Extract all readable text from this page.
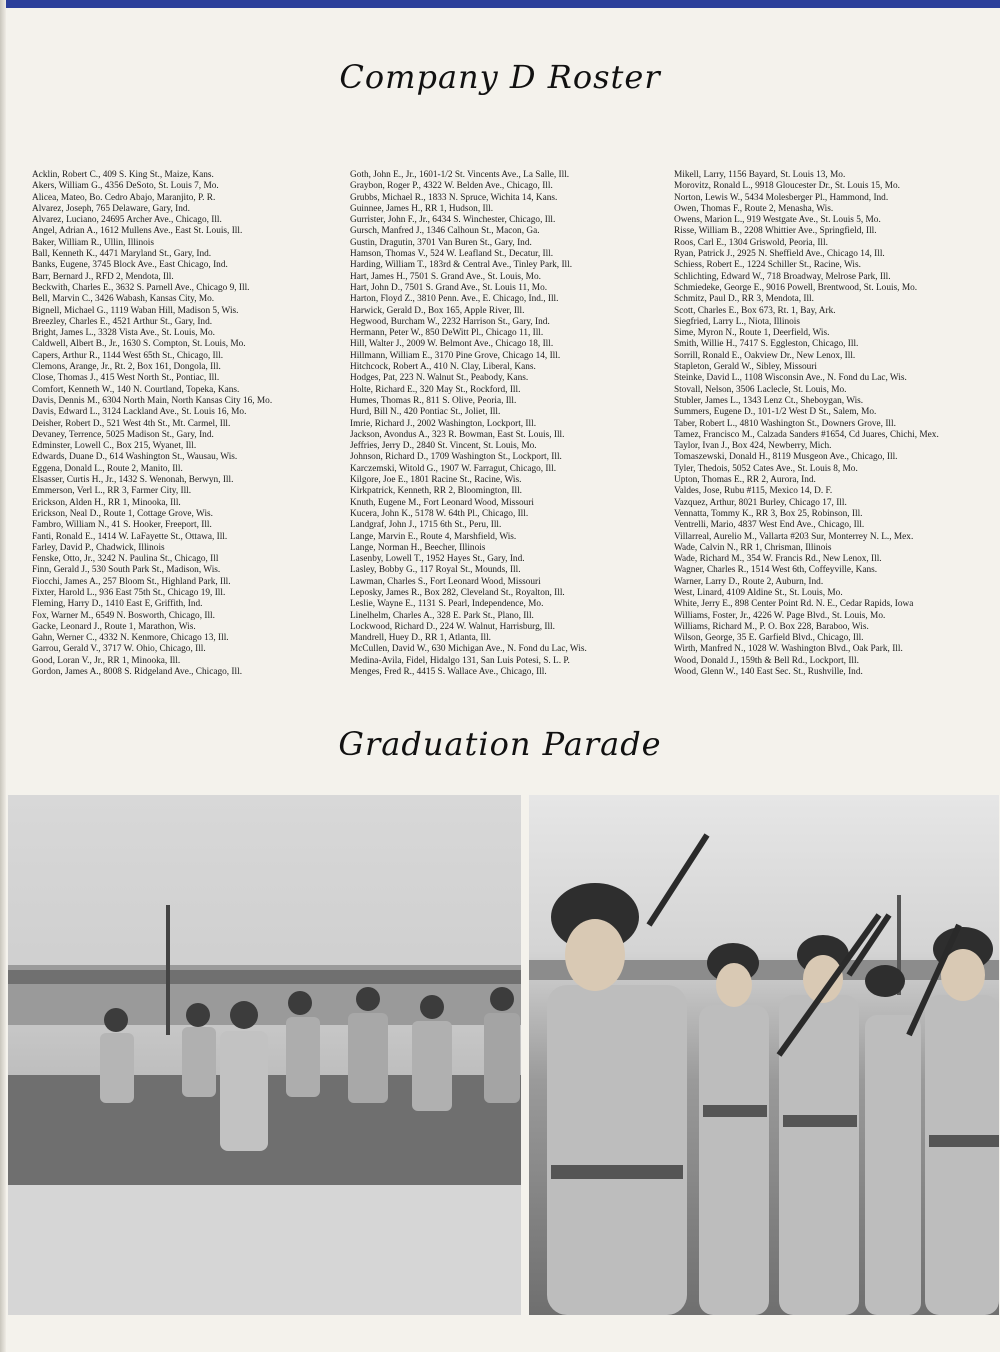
Company D Roster
Acklin, Robert C., 409 S. King St., Maize, Kans.
Akers, William G., 4356 DeSoto, St. Louis 7, Mo.
Alicea, Mateo, Bo. Cedro Abajo, Maranjito, P. R.
Alvarez, Joseph, 765 Delaware, Gary, Ind.
Alvarez, Luciano, 24695 Archer Ave., Chicago, Ill.
Angel, Adrian A., 1612 Mullens Ave., East St. Louis, Ill.
Baker, William R., Ullin, Illinois
Ball, Kenneth K., 4471 Maryland St., Gary, Ind.
Banks, Eugene, 3745 Block Ave., East Chicago, Ind.
Barr, Bernard J., RFD 2, Mendota, Ill.
Beckwith, Charles E., 3632 S. Parnell Ave., Chicago 9, Ill.
Bell, Marvin C., 3426 Wabash, Kansas City, Mo.
Bignell, Michael G., 1119 Waban Hill, Madison 5, Wis.
Breezley, Charles E., 4521 Arthur St., Gary, Ind.
Bright, James L., 3328 Vista Ave., St. Louis, Mo.
Caldwell, Albert B., Jr., 1630 S. Compton, St. Louis, Mo.
Capers, Arthur R., 1144 West 65th St., Chicago, Ill.
Clemons, Arange, Jr., Rt. 2, Box 161, Dongola, Ill.
Close, Thomas J., 415 West North St., Pontiac, Ill.
Comfort, Kenneth W., 140 N. Courtland, Topeka, Kans.
Davis, Dennis M., 6304 North Main, North Kansas City 16, Mo.
Davis, Edward L., 3124 Lackland Ave., St. Louis 16, Mo.
Deisher, Robert D., 521 West 4th St., Mt. Carmel, Ill.
Devaney, Terrence, 5025 Madison St., Gary, Ind.
Edminster, Lowell C., Box 215, Wyanet, Ill.
Edwards, Duane D., 614 Washington St., Wausau, Wis.
Eggena, Donald L., Route 2, Manito, Ill.
Elsasser, Curtis H., Jr., 1432 S. Wenonah, Berwyn, Ill.
Emmerson, Verl L., RR 3, Farmer City, Ill.
Erickson, Alden H., RR 1, Minooka, Ill.
Erickson, Neal D., Route 1, Cottage Grove, Wis.
Fambro, William N., 41 S. Hooker, Freeport, Ill.
Fanti, Ronald E., 1414 W. LaFayette St., Ottawa, Ill.
Farley, David P., Chadwick, Illinois
Fenske, Otto, Jr., 3242 N. Paulina St., Chicago, Ill
Finn, Gerald J., 530 South Park St., Madison, Wis.
Fiocchi, James A., 257 Bloom St., Highland Park, Ill.
Fixter, Harold L., 936 East 75th St., Chicago 19, Ill.
Fleming, Harry D., 1410 East E, Griffith, Ind.
Fox, Warner M., 6549 N. Bosworth, Chicago, Ill.
Gacke, Leonard J., Route 1, Marathon, Wis.
Gahn, Werner C., 4332 N. Kenmore, Chicago 13, Ill.
Garrou, Gerald V., 3717 W. Ohio, Chicago, Ill.
Good, Loran V., Jr., RR 1, Minooka, Ill.
Gordon, James A., 8008 S. Ridgeland Ave., Chicago, Ill.
Goth, John E., Jr., 1601-1/2 St. Vincents Ave., La Salle, Ill.
Graybon, Roger P., 4322 W. Belden Ave., Chicago, Ill.
Grubbs, Michael R., 1833 N. Spruce, Wichita 14, Kans.
Guinnee, James H., RR 1, Hudson, Ill.
Gurrister, John F., Jr., 6434 S. Winchester, Chicago, Ill.
Gursch, Manfred J., 1346 Calhoun St., Macon, Ga.
Gustin, Dragutin, 3701 Van Buren St., Gary, Ind.
Hamson, Thomas V., 524 W. Leafland St., Decatur, Ill.
Harding, William T., 183rd & Central Ave., Tinley Park, Ill.
Hart, James H., 7501 S. Grand Ave., St. Louis, Mo.
Hart, John D., 7501 S. Grand Ave., St. Louis 11, Mo.
Harton, Floyd Z., 3810 Penn. Ave., E. Chicago, Ind., Ill.
Harwick, Gerald D., Box 165, Apple River, Ill.
Hegwood, Burcham W., 2232 Harrison St., Gary, Ind.
Hermann, Peter W., 850 DeWitt Pl., Chicago 11, Ill.
Hill, Walter J., 2009 W. Belmont Ave., Chicago 18, Ill.
Hillmann, William E., 3170 Pine Grove, Chicago 14, Ill.
Hitchcock, Robert A., 410 N. Clay, Liberal, Kans.
Hodges, Pat, 223 N. Walnut St., Peabody, Kans.
Holte, Richard E., 320 May St., Rockford, Ill.
Humes, Thomas R., 811 S. Olive, Peoria, Ill.
Hurd, Bill N., 420 Pontiac St., Joliet, Ill.
Imrie, Richard J., 2002 Washington, Lockport, Ill.
Jackson, Avondus A., 323 R. Bowman, East St. Louis, Ill.
Jeffries, Jerry D., 2840 St. Vincent, St. Louis, Mo.
Johnson, Richard D., 1709 Washington St., Lockport, Ill.
Karczemski, Witold G., 1907 W. Farragut, Chicago, Ill.
Kilgore, Joe E., 1801 Racine St., Racine, Wis.
Kirkpatrick, Kenneth, RR 2, Bloomington, Ill.
Knuth, Eugene M., Fort Leonard Wood, Missouri
Kucera, John K., 5178 W. 64th Pl., Chicago, Ill.
Landgraf, John J., 1715 6th St., Peru, Ill.
Lange, Marvin E., Route 4, Marshfield, Wis.
Lange, Norman H., Beecher, Illinois
Lasenby, Lowell T., 1952 Hayes St., Gary, Ind.
Lasley, Bobby G., 117 Royal St., Mounds, Ill.
Lawman, Charles S., Fort Leonard Wood, Missouri
Leposky, James R., Box 282, Cleveland St., Royalton, Ill.
Leslie, Wayne E., 1131 S. Pearl, Independence, Mo.
Linelhelm, Charles A., 328 E. Park St., Plano, Ill.
Lockwood, Richard D., 224 W. Walnut, Harrisburg, Ill.
Mandrell, Huey D., RR 1, Atlanta, Ill.
McCullen, David W., 630 Michigan Ave., N. Fond du Lac, Wis.
Medina-Avila, Fidel, Hidalgo 131, San Luis Potesi, S. L. P.
Menges, Fred R., 4415 S. Wallace Ave., Chicago, Ill.
Mikell, Larry, 1156 Bayard, St. Louis 13, Mo.
Morovitz, Ronald L., 9918 Gloucester Dr., St. Louis 15, Mo.
Norton, Lewis W., 5434 Molesberger Pl., Hammond, Ind.
Owen, Thomas F., Route 2, Menasha, Wis.
Owens, Marion L., 919 Westgate Ave., St. Louis 5, Mo.
Risse, William B., 2208 Whittier Ave., Springfield, Ill.
Roos, Carl E., 1304 Griswold, Peoria, Ill.
Ryan, Patrick J., 2925 N. Sheffield Ave., Chicago 14, Ill.
Schiess, Robert E., 1224 Schiller St., Racine, Wis.
Schlichting, Edward W., 718 Broadway, Melrose Park, Ill.
Schmiedeke, George E., 9016 Powell, Brentwood, St. Louis, Mo.
Schmitz, Paul D., RR 3, Mendota, Ill.
Scott, Charles E., Box 673, Rt. 1, Bay, Ark.
Siegfried, Larry L., Niota, Illinois
Sime, Myron N., Route 1, Deerfield, Wis.
Smith, Willie H., 7417 S. Eggleston, Chicago, Ill.
Sorrill, Ronald E., Oakview Dr., New Lenox, Ill.
Stapleton, Gerald W., Sibley, Missouri
Steinke, David L., 1108 Wisconsin Ave., N. Fond du Lac, Wis.
Stovall, Nelson, 3506 Laclecle, St. Louis, Mo.
Stubler, James L., 1343 Lenz Ct., Sheboygan, Wis.
Summers, Eugene D., 101-1/2 West D St., Salem, Mo.
Taber, Robert L., 4810 Washington St., Downers Grove, Ill.
Tamez, Francisco M., Calzada Sanders #1654, Cd Juares, Chichi, Mex.
Taylor, Ivan J., Box 424, Newberry, Mich.
Tomaszewski, Donald H., 8119 Musgeon Ave., Chicago, Ill.
Tyler, Thedois, 5052 Cates Ave., St. Louis 8, Mo.
Upton, Thomas E., RR 2, Aurora, Ind.
Valdes, Jose, Rubu #115, Mexico 14, D. F.
Vazquez, Arthur, 8021 Burley, Chicago 17, Ill.
Vennatta, Tommy K., RR 3, Box 25, Robinson, Ill.
Ventrelli, Mario, 4837 West End Ave., Chicago, Ill.
Villarreal, Aurelio M., Vallarta #203 Sur, Monterrey N. L., Mex.
Wade, Calvin N., RR 1, Chrisman, Illinois
Wade, Richard M., 354 W. Francis Rd., New Lenox, Ill.
Wagner, Charles R., 1514 West 6th, Coffeyville, Kans.
Warner, Larry D., Route 2, Auburn, Ind.
West, Linard, 4109 Aldine St., St. Louis, Mo.
White, Jerry E., 898 Center Point Rd. N. E., Cedar Rapids, Iowa
Williams, Foster, Jr., 4226 W. Page Blvd., St. Louis, Mo.
Williams, Richard M., P. O. Box 228, Baraboo, Wis.
Wilson, George, 35 E. Garfield Blvd., Chicago, Ill.
Wirth, Manfred N., 1028 W. Washington Blvd., Oak Park, Ill.
Wood, Donald J., 159th & Bell Rd., Lockport, Ill.
Wood, Glenn W., 140 East Sec. St., Rushville, Ind.
Graduation Parade
